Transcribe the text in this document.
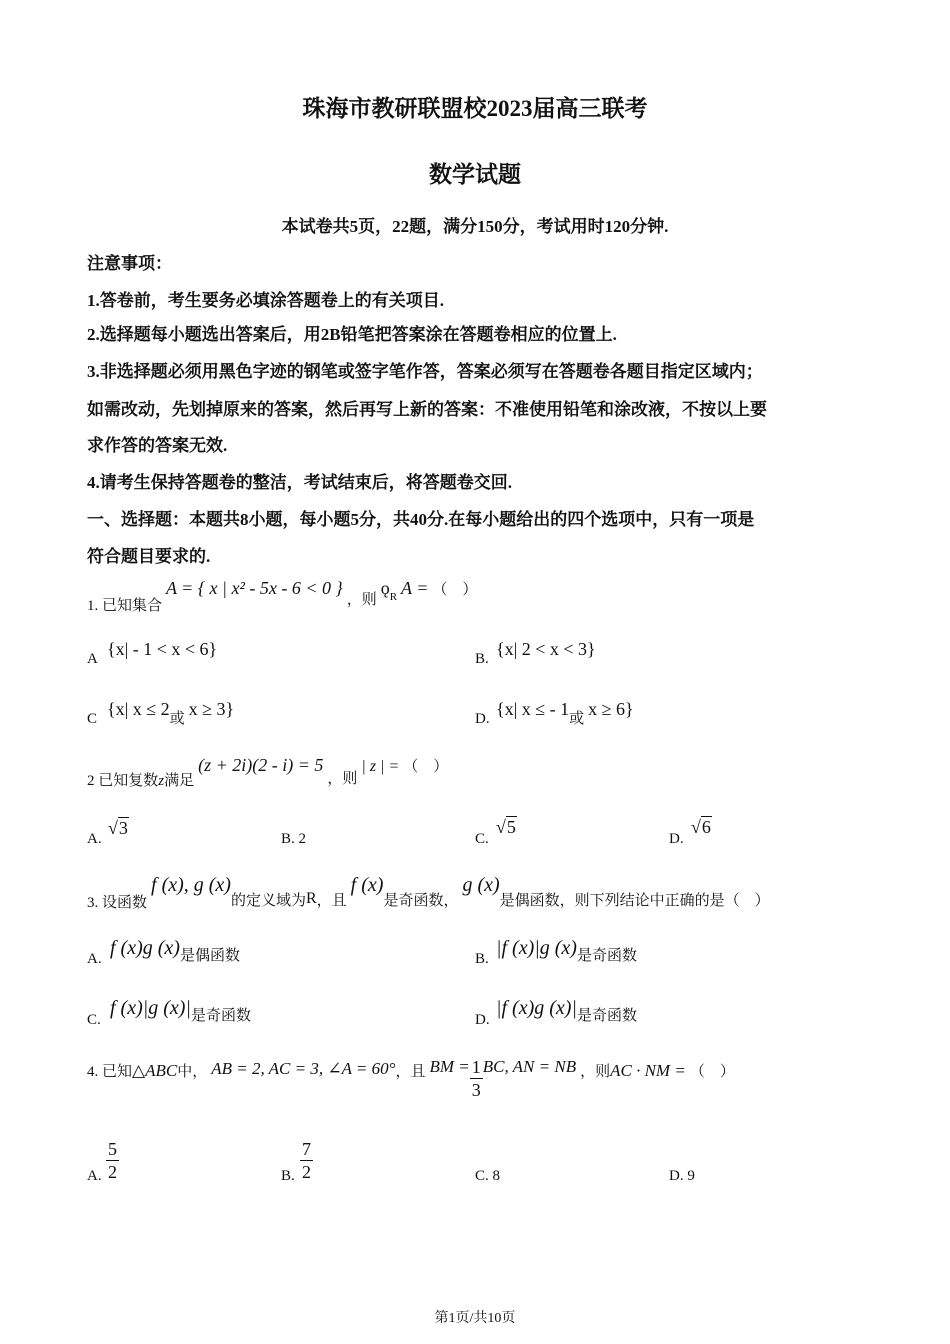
珠海市教研联盟校2023届高三联考
数学试题
本试卷共5页，22题，满分150分，考试用时120分钟.
注意事项：
1.答卷前，考生要务必填涂答题卷上的有关项目.
2.选择题每小题选出答案后，用2B铅笔把答案涂在答题卷相应的位置上.
3.非选择题必须用黑色字迹的钢笔或签字笔作答，答案必须写在答题卷各题目指定区域内；
如需改动，先划掉原来的答案，然后再写上新的答案：不准使用铅笔和涂改液，不按以上要
求作答的答案无效.
4.请考生保持答题卷的整洁，考试结束后，将答题卷交回.
一、选择题：本题共8小题，每小题5分，共40分.在每小题给出的四个选项中，只有一项是
符合题目要求的.
1. 已知集合 A = { x | x² - 5x - 6 < 0 } ，则 $ǫ_R$ A = （　）
A {x| - 1 < x < 6}	B. {x| 2 < x < 3}
C {x| x ≤ 2或 x ≥ 3}	D. {x| x ≤ - 1或 x ≥ 6}
2 已知复数z满足 (z + 2i)(2 - i) = 5 ，则 | z | = （　）
A.
√3
B. 2	C.
√5
D.
√6
3. 设函数 f (x), g (x)的定义域为R，且 f (x)是奇函数， g (x)是偶函数，则下列结论中正确的是（　）
A. f (x)g (x)是偶函数	B. |f (x)|g (x)是奇函数
C.
f (x)|g (x)|是奇函数	D.
|f (x)g (x)|是奇函数
4. 已知△ABC中， AB = 2, AC = 3, ∠A = 60°，且 BM = $\frac{1}{3}$ BC, AN = NB ，则AC · NM = （　）
A. $\frac{5}{2}$	B. $\frac{7}{2}$	C. 8	D. 9
第1页/共10页
